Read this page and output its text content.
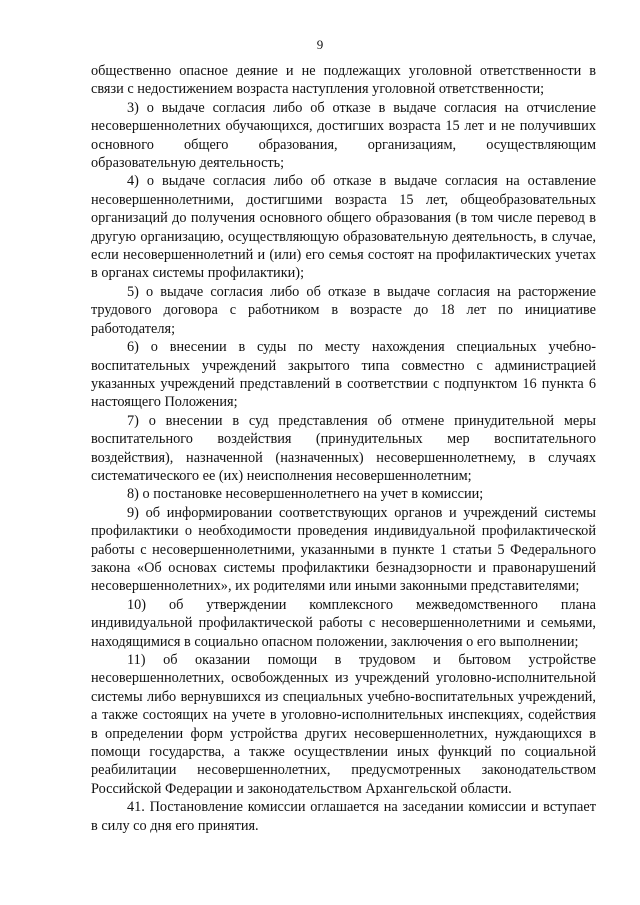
9

общественно опасное деяние и не подлежащих уголовной ответственности в связи с недостижением возраста наступления уголовной ответственности;

3) о выдаче согласия либо об отказе в выдаче согласия на отчисление несовершеннолетних обучающихся, достигших возраста 15 лет и не получивших основного общего образования, организациям, осуществляющим образовательную деятельность;

4) о выдаче согласия либо об отказе в выдаче согласия на оставление несовершеннолетними, достигшими возраста 15 лет, общеобразовательных организаций до получения основного общего образования (в том числе перевод в другую организацию, осуществляющую образовательную деятельность, в случае, если несовершеннолетний и (или) его семья состоят на профилактических учетах в органах системы профилактики);

5) о выдаче согласия либо об отказе в выдаче согласия на расторжение трудового договора с работником в возрасте до 18 лет по инициативе работодателя;

6) о внесении в суды по месту нахождения специальных учебно-воспитательных учреждений закрытого типа совместно с администрацией указанных учреждений представлений в соответствии с подпунктом 16 пункта 6 настоящего Положения;

7) о внесении в суд представления об отмене принудительной меры воспитательного воздействия (принудительных мер воспитательного воздействия), назначенной (назначенных) несовершеннолетнему, в случаях систематического ее (их) неисполнения несовершеннолетним;

8) о постановке несовершеннолетнего на учет в комиссии;

9) об информировании соответствующих органов и учреждений системы профилактики о необходимости проведения индивидуальной профилактической работы с несовершеннолетними, указанными в пункте 1 статьи 5 Федерального закона «Об основах системы профилактики безнадзорности и правонарушений несовершеннолетних», их родителями или иными законными представителями;

10) об утверждении комплексного межведомственного плана индивидуальной профилактической работы с несовершеннолетними и семьями, находящимися в социально опасном положении, заключения о его выполнении;

11) об оказании помощи в трудовом и бытовом устройстве несовершеннолетних, освобожденных из учреждений уголовно-исполнительной системы либо вернувшихся из специальных учебно-воспитательных учреждений, а также состоящих на учете в уголовно-исполнительных инспекциях, содействия в определении форм устройства других несовершеннолетних, нуждающихся в помощи государства, а также осуществлении иных функций по социальной реабилитации несовершеннолетних, предусмотренных законодательством Российской Федерации и законодательством Архангельской области.

41. Постановление комиссии оглашается на заседании комиссии и вступает в силу со дня его принятия.
